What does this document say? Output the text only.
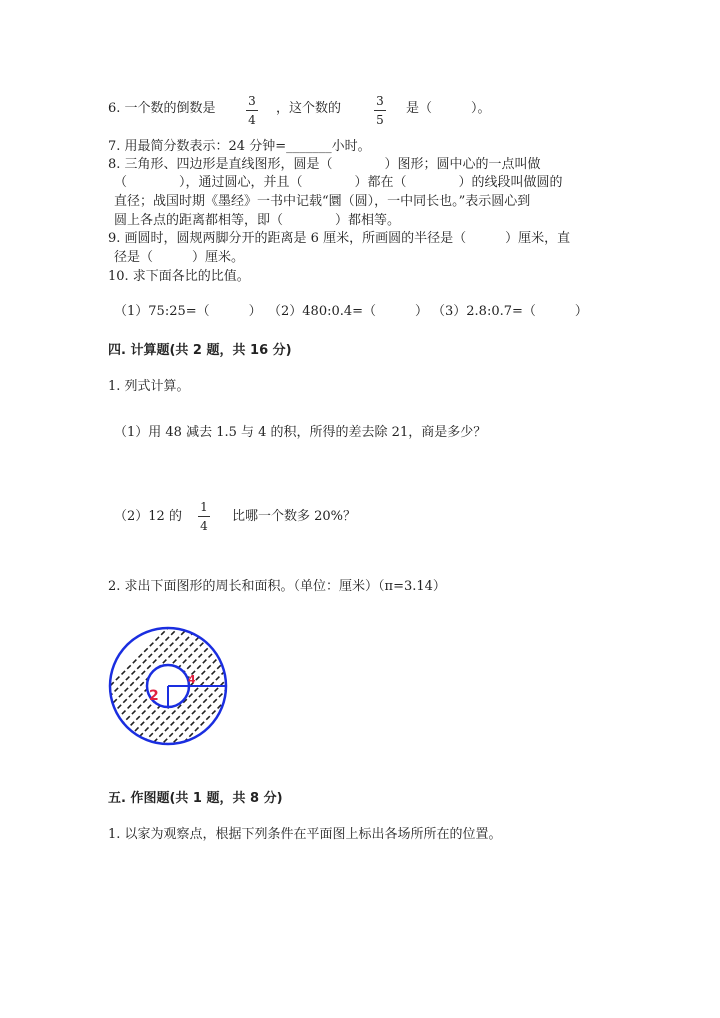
6. 一个数的倒数是	3
4
，这个数的	3
5
是（　　　）。
7. 用最简分数表示：24 分钟=_______小时。
8. 三角形、四边形是直线图形，圆是（　　　　）图形；圆中心的一点叫做
（　　　　），通过圆心，并且（　　　　）都在（　　　　）的线段叫做圆的
直径；战国时期《墨经》一书中记载“圜（圆），一中同长也。”表示圆心到
圆上各点的距离都相等，即（　　　　）都相等。
9. 画圆时，圆规两脚分开的距离是 6 厘米，所画圆的半径是（　　　）厘米，直
径是（　　　）厘米。
10. 求下面各比的比值。
（1）75:25=（　　　） （2）480:0.4=（　　　） （3）2.8:0.7=（　　　）
四. 计算题(共 2 题，共 16 分)
1. 列式计算。
（1）用 48 减去 1.5 与 4 的积，所得的差去除 21，商是多少？
（2）12 的
1
4
比哪一个数多 20%？
2. 求出下面图形的周长和面积。（单位：厘米）（π=3.14）
2
4
五. 作图题(共 1 题，共 8 分)
1. 以家为观察点，根据下列条件在平面图上标出各场所所在的位置。
